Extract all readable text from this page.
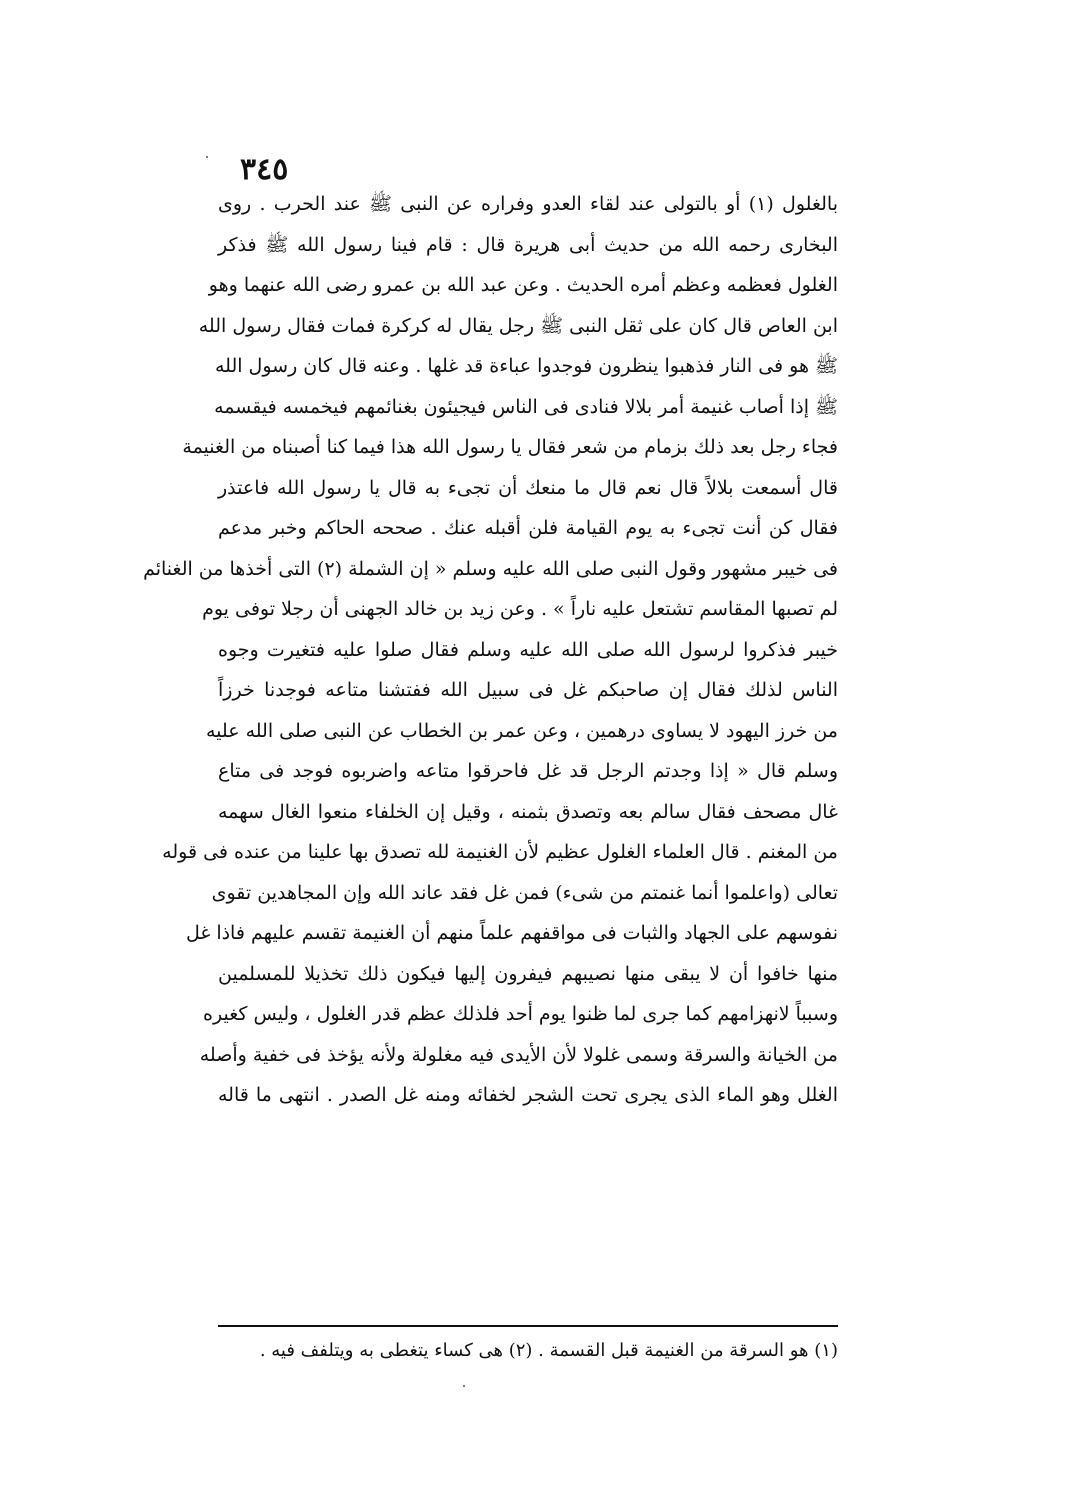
٣٤٥
بالغلول (١) أو بالتولى عند لقاء العدو وفراره عن النبى ﷺ عند الحرب . روى
البخارى رحمه الله من حديث أبى هريرة قال : قام فينا رسول الله ﷺ فذكر
الغلول فعظمه وعظم أمره الحديث . وعن عبد الله بن عمرو رضى الله عنهما وهو
ابن العاص قال كان على ثقل النبى ﷺ رجل يقال له كركرة فمات فقال رسول الله
ﷺ هو فى النار فذهبوا ينظرون فوجدوا عباءة قد غلها . وعنه قال كان رسول الله
ﷺ إذا أصاب غنيمة أمر بلالا فنادى فى الناس فيجيئون بغنائمهم فيخمسه فيقسمه
فجاء رجل بعد ذلك بزمام من شعر فقال يا رسول الله هذا فيما كنا أصبناه من الغنيمة
قال أسمعت بلالاً قال نعم قال ما منعك أن تجىء به قال يا رسول الله فاعتذر
فقال كن أنت تجىء به يوم القيامة فلن أقبله عنك . صححه الحاكم وخبر مدعم
فى خيبر مشهور وقول النبى صلى الله عليه وسلم « إن الشملة (٢) التى أخذها من الغنائم
لم تصبها المقاسم تشتعل عليه ناراً » . وعن زيد بن خالد الجهنى أن رجلا توفى يوم
خيبر فذكروا لرسول الله صلى الله عليه وسلم فقال صلوا عليه فتغيرت وجوه
الناس لذلك فقال إن صاحبكم غل فى سبيل الله ففتشنا متاعه فوجدنا خرزاً
من خرز اليهود لا يساوى درهمين ، وعن عمر بن الخطاب عن النبى صلى الله عليه
وسلم قال « إذا وجدتم الرجل قد غل فاحرقوا متاعه واضربوه فوجد فى متاع
غال مصحف فقال سالم بعه وتصدق بثمنه ، وقيل إن الخلفاء منعوا الغال سهمه
من المغنم . قال العلماء الغلول عظيم لأن الغنيمة لله تصدق بها علينا من عنده فى قوله
تعالى (واعلموا أنما غنمتم من شىء) فمن غل فقد عاند الله وإن المجاهدين تقوى
نفوسهم على الجهاد والثبات فى مواقفهم علماً منهم أن الغنيمة تقسم عليهم فاذا غل
منها خافوا أن لا يبقى منها نصيبهم فيفرون إليها فيكون ذلك تخذيلا للمسلمين
وسبباً لانهزامهم كما جرى لما ظنوا يوم أحد فلذلك عظم قدر الغلول ، وليس كغيره
من الخيانة والسرقة وسمى غلولا لأن الأيدى فيه مغلولة ولأنه يؤخذ فى خفية وأصله
الغلل وهو الماء الذى يجرى تحت الشجر لخفائه ومنه غل الصدر . انتهى ما قاله
(١) هو السرقة من الغنيمة قبل القسمة . (٢) هى كساء يتغطى به ويتلفف فيه .
